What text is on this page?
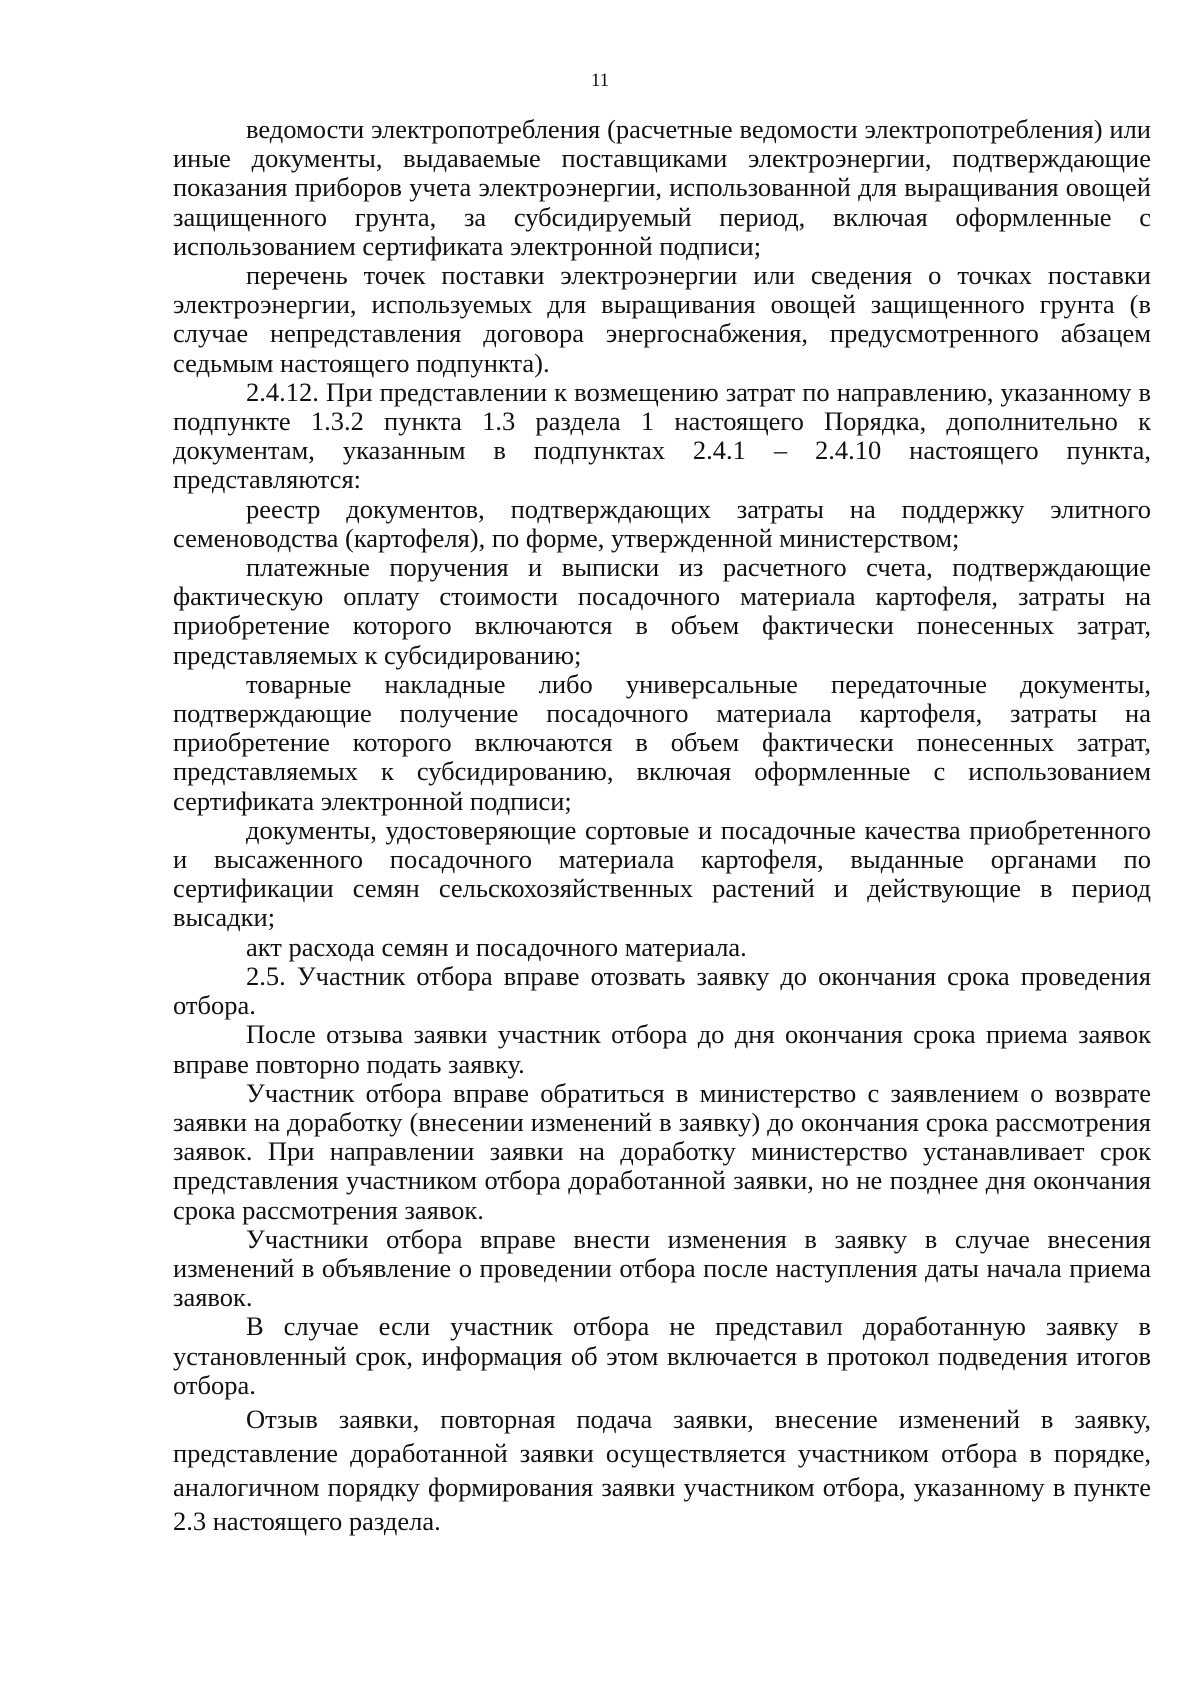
11

ведомости электропотребления (расчетные ведомости электропотребления) или иные документы, выдаваемые поставщиками электроэнергии, подтверждающие показания приборов учета электроэнергии, использованной для выращивания овощей защищенного грунта, за субсидируемый период, включая оформленные с использованием сертификата электронной подписи;

перечень точек поставки электроэнергии или сведения о точках поставки электроэнергии, используемых для выращивания овощей защищенного грунта (в случае непредставления договора энергоснабжения, предусмотренного абзацем седьмым настоящего подпункта).

2.4.12. При представлении к возмещению затрат по направлению, указанному в подпункте 1.3.2 пункта 1.3 раздела 1 настоящего Порядка, дополнительно к документам, указанным в подпунктах 2.4.1 – 2.4.10 настоящего пункта, представляются:

реестр документов, подтверждающих затраты на поддержку элитного семеноводства (картофеля), по форме, утвержденной министерством;

платежные поручения и выписки из расчетного счета, подтверждающие фактическую оплату стоимости посадочного материала картофеля, затраты на приобретение которого включаются в объем фактически понесенных затрат, представляемых к субсидированию;

товарные накладные либо универсальные передаточные документы, подтверждающие получение посадочного материала картофеля, затраты на приобретение которого включаются в объем фактически понесенных затрат, представляемых к субсидированию, включая оформленные с использованием сертификата электронной подписи;

документы, удостоверяющие сортовые и посадочные качества приобретенного и высаженного посадочного материала картофеля, выданные органами по сертификации семян сельскохозяйственных растений и действующие в период высадки;

акт расхода семян и посадочного материала.

2.5. Участник отбора вправе отозвать заявку до окончания срока проведения отбора.

После отзыва заявки участник отбора до дня окончания срока приема заявок вправе повторно подать заявку.

Участник отбора вправе обратиться в министерство с заявлением о возврате заявки на доработку (внесении изменений в заявку) до окончания срока рассмотрения заявок. При направлении заявки на доработку министерство устанавливает срок представления участником отбора доработанной заявки, но не позднее дня окончания срока рассмотрения заявок.

Участники отбора вправе внести изменения в заявку в случае внесения изменений в объявление о проведении отбора после наступления даты начала приема заявок.

В случае если участник отбора не представил доработанную заявку в установленный срок, информация об этом включается в протокол подведения итогов отбора.

Отзыв заявки, повторная подача заявки, внесение изменений в заявку, представление доработанной заявки осуществляется участником отбора в порядке, аналогичном порядку формирования заявки участником отбора, указанному в пункте 2.3 настоящего раздела.
